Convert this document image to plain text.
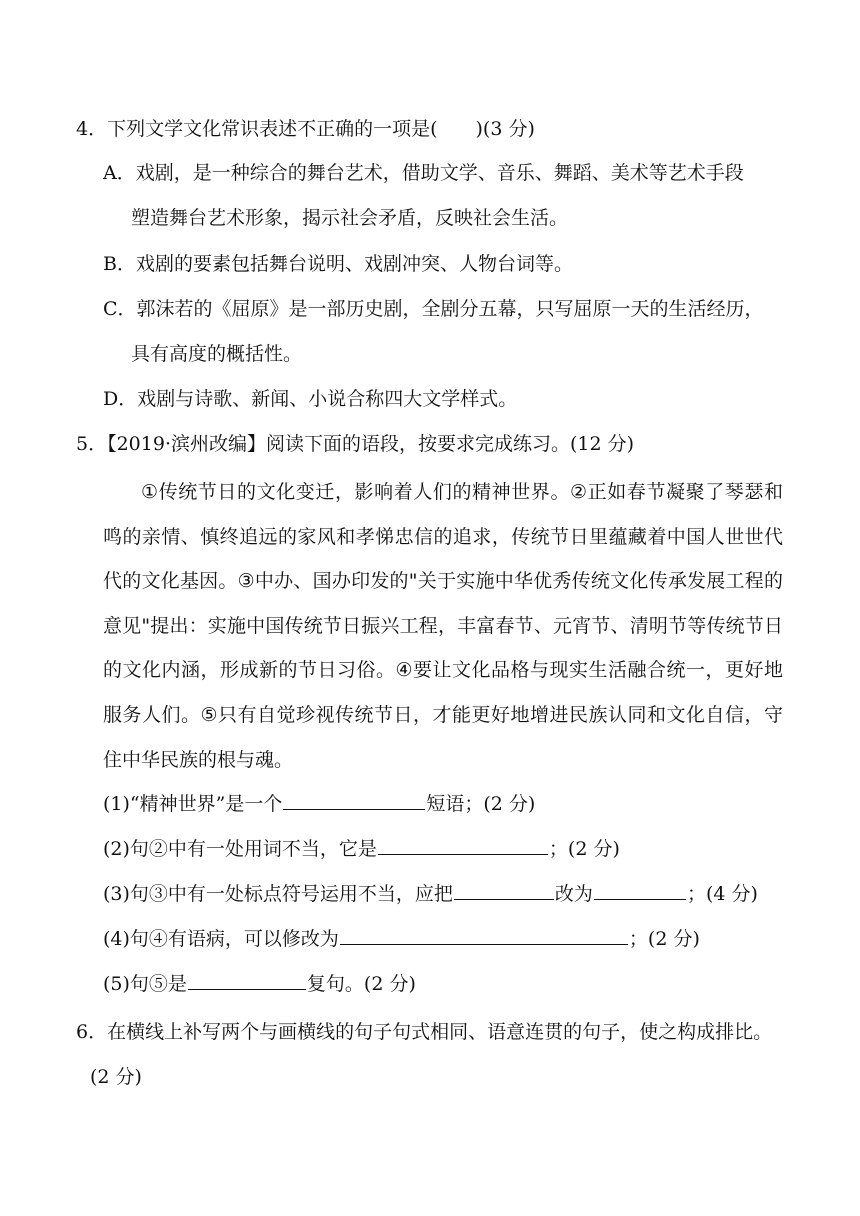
4．下列文学文化常识表述不正确的一项是(　　)(3 分)
A．戏剧，是一种综合的舞台艺术，借助文学、音乐、舞蹈、美术等艺术手段
塑造舞台艺术形象，揭示社会矛盾，反映社会生活。
B．戏剧的要素包括舞台说明、戏剧冲突、人物台词等。
C．郭沫若的《屈原》是一部历史剧，全剧分五幕，只写屈原一天的生活经历，
具有高度的概括性。
D．戏剧与诗歌、新闻、小说合称四大文学样式。
5．【2019·滨州改编】阅读下面的语段，按要求完成练习。(12 分)

①传统节日的文化变迁，影响着人们的精神世界。②正如春节凝聚了琴瑟和鸣的亲情、慎终追远的家风和孝悌忠信的追求，传统节日里蕴藏着中国人世世代代的文化基因。③中办、国办印发的"关于实施中华优秀传统文化传承发展工程的意见"提出：实施中国传统节日振兴工程，丰富春节、元宵节、清明节等传统节日的文化内涵，形成新的节日习俗。④要让文化品格与现实生活融合统一，更好地服务人们。⑤只有自觉珍视传统节日，才能更好地增进民族认同和文化自信，守住中华民族的根与魂。

(1)“精神世界”是一个	短语；(2 分)
(2)句②中有一处用词不当，它是	；(2 分)
(3)句③中有一处标点符号运用不当，应把	改为	；(4 分)
(4)句④有语病，可以修改为	；(2 分)
(5)句⑤是	复句。(2 分)
6．在横线上补写两个与画横线的句子句式相同、语意连贯的句子，使之构成排比。
(2 分)
